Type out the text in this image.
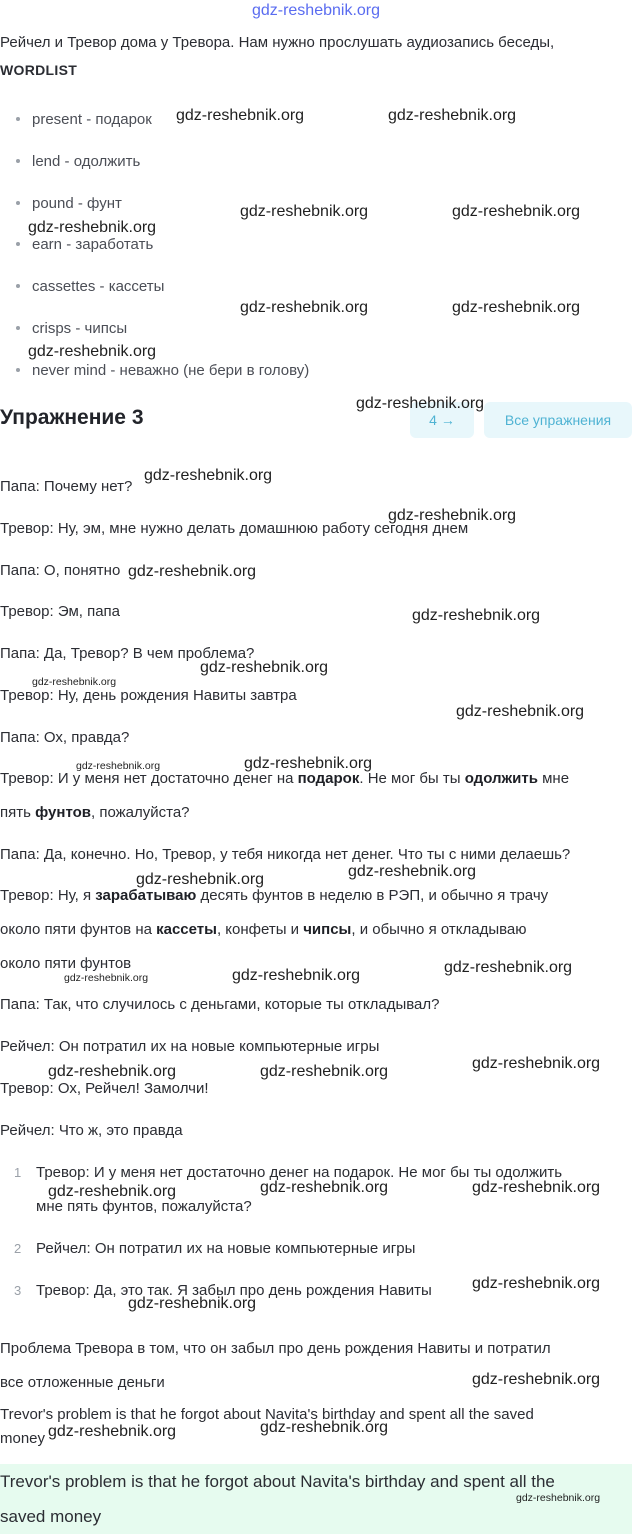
gdz-reshebnik.org
Рейчел и Тревор дома у Тревора. Нам нужно прослушать аудиозапись беседы,
WORDLIST
present - подарок
lend - одолжить
pound - фунт
earn - заработать
cassettes - кассеты
crisps - чипсы
never mind - неважно (не бери в голову)
Упражнение 3	4 →	Все упражнения
Папа: Почему нет?
Тревор: Ну, эм, мне нужно делать домашнюю работу сегодня днем
Папа: О, понятно
Тревор: Эм, папа
Папа: Да, Тревор? В чем проблема?
Тревор: Ну, день рождения Навиты завтра
Папа: Ох, правда?
Тревор: И у меня нет достаточно денег на подарок. Не мог бы ты одолжить мне
пять фунтов, пожалуйста?
Папа: Да, конечно. Но, Тревор, у тебя никогда нет денег. Что ты с ними делаешь?
Тревор: Ну, я зарабатываю десять фунтов в неделю в РЭП, и обычно я трачу
около пяти фунтов на кассеты, конфеты и чипсы, и обычно я откладываю
около пяти фунтов
Папа: Так, что случилось с деньгами, которые ты откладывал?
Рейчел: Он потратил их на новые компьютерные игры
Тревор: Ох, Рейчел! Замолчи!
Рейчел: Что ж, это правда
1 Тревор: И у меня нет достаточно денег на подарок. Не мог бы ты одолжить
мне пять фунтов, пожалуйста?
2 Рейчел: Он потратил их на новые компьютерные игры
3 Тревор: Да, это так. Я забыл про день рождения Навиты
Проблема Тревора в том, что он забыл про день рождения Навиты и потратил
все отложенные деньги
Trevor's problem is that he forgot about Navita's birthday and spent all the saved
money
Trevor's problem is that he forgot about Navita's birthday and spent all the
saved money
gdz-reshebnik.org	gdz-reshebnik.org
gdz-reshebnik.org	gdz-reshebnik.org
gdz-reshebnik.org
gdz-reshebnik.org	gdz-reshebnik.org
gdz-reshebnik.org
gdz-reshebnik.org
gdz-reshebnik.org
gdz-reshebnik.org
gdz-reshebnik.org
gdz-reshebnik.org
gdz-reshebnik.org
gdz-reshebnik.org
gdz-reshebnik.org
gdz-reshebnik.org	gdz-reshebnik.org
gdz-reshebnik.org	gdz-reshebnik.org
gdz-reshebnik.org	gdz-reshebnik.org	gdz-reshebnik.org
gdz-reshebnik.org	gdz-reshebnik.org	gdz-reshebnik.org
gdz-reshebnik.org	gdz-reshebnik.org	gdz-reshebnik.org
gdz-reshebnik.org
gdz-reshebnik.org
gdz-reshebnik.org
gdz-reshebnik.org	gdz-reshebnik.org
gdz-reshebnik.org
